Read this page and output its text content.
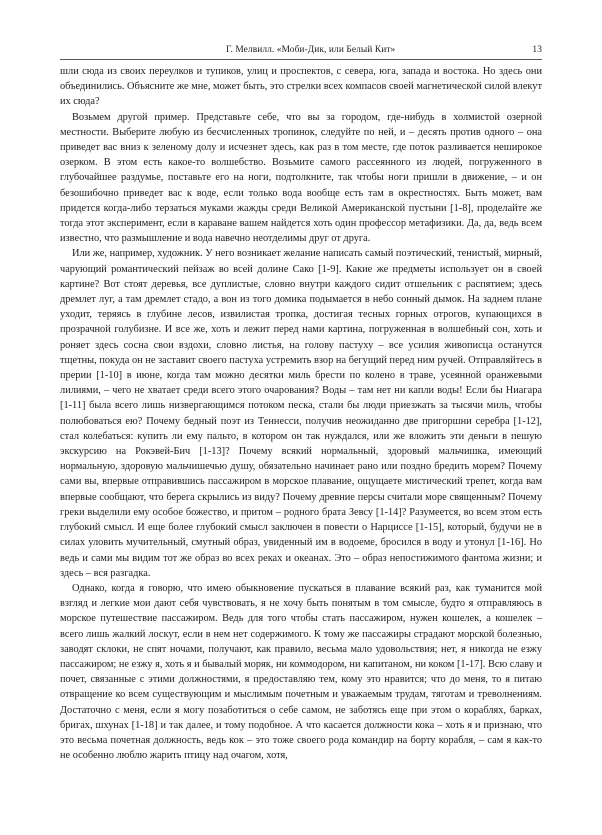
Г. Мелвилл. «Моби-Дик, или Белый Кит»	13

шли сюда из своих переулков и тупиков, улиц и проспектов, с севера, юга, запада и востока. Но здесь они объединились. Объясните же мне, может быть, это стрелки всех компасов своей магнетической силой влекут их сюда?

Возьмем другой пример. Представьте себе, что вы за городом, где-нибудь в холмистой озерной местности. Выберите любую из бесчисленных тропинок, следуйте по ней, и – десять против одного – она приведет вас вниз к зеленому долу и исчезнет здесь, как раз в том месте, где поток разливается неширокое озерком. В этом есть какое-то волшебство. Возьмите самого рассеянного из людей, погруженного в глубочайшее раздумье, поставьте его на ноги, подтолкните, так чтобы ноги пришли в движение, – и он безошибочно приведет вас к воде, если только вода вообще есть там в окрестностях. Быть может, вам придется когда-либо терзаться муками жажды среди Великой Американской пустыни [1-8], проделайте же тогда этот эксперимент, если в караване вашем найдется хоть один профессор метафизики. Да, да, ведь всем известно, что размышление и вода навечно неотделимы друг от друга.

Или же, например, художник. У него возникает желание написать самый поэтический, тенистый, мирный, чарующий романтический пейзаж во всей долине Сако [1-9]. Какие же предметы использует он в своей картине? Вот стоят деревья, все дуплистые, словно внутри каждого сидит отшельник с распятием; здесь дремлет луг, а там дремлет стадо, а вон из того домика подымается в небо сонный дымок. На заднем плане уходит, теряясь в глубине лесов, извилистая тропка, достигая тесных горных отрогов, купающихся в прозрачной голубизне. И все же, хоть и лежит перед нами картина, погруженная в волшебный сон, хоть и роняет здесь сосна свои вздохи, словно листья, на голову пастуху – все усилия живописца останутся тщетны, покуда он не заставит своего пастуха устремить взор на бегущий перед ним ручей. Отправляйтесь в прерии [1-10] в июне, когда там можно десятки миль брести по колено в траве, усеянной оранжевыми лилиями, – чего не хватает среди всего этого очарования? Воды – там нет ни капли воды! Если бы Ниагара [1-11] была всего лишь низвергающимся потоком песка, стали бы люди приезжать за тысячи миль, чтобы полюбоваться ею? Почему бедный поэт из Теннесси, получив неожиданно две пригоршни серебра [1-12], стал колебаться: купить ли ему пальто, в котором он так нуждался, или же вложить эти деньги в пешую экскурсию на Рокэвей-Бич [1-13]? Почему всякий нормальный, здоровый мальчишка, имеющий нормальную, здоровую мальчишечью душу, обязательно начинает рано или поздно бредить морем? Почему сами вы, впервые отправившись пассажиром в морское плавание, ощущаете мистический трепет, когда вам впервые сообщают, что берега скрылись из виду? Почему древние персы считали море священным? Почему греки выделили ему особое божество, и притом – родного брата Зевсу [1-14]? Разумеется, во всем этом есть глубокий смысл. И еще более глубокий смысл заключен в повести о Нарциссе [1-15], который, будучи не в силах уловить мучительный, смутный образ, увиденный им в водоеме, бросился в воду и утонул [1-16]. Но ведь и сами мы видим тот же образ во всех реках и океанах. Это – образ непостижимого фантома жизни; и здесь – вся разгадка.

Однако, когда я говорю, что имею обыкновение пускаться в плавание всякий раз, как туманится мой взгляд и легкие мои дают себя чувствовать, я не хочу быть понятым в том смысле, будто я отправляюсь в морское путешествие пассажиром. Ведь для того чтобы стать пассажиром, нужен кошелек, а кошелек – всего лишь жалкий лоскут, если в нем нет содержимого. К тому же пассажиры страдают морской болезнью, заводят склоки, не спят ночами, получают, как правило, весьма мало удовольствия; нет, я никогда не езжу пассажиром; не езжу я, хоть я и бывалый моряк, ни коммодором, ни капитаном, ни коком [1-17]. Всю славу и почет, связанные с этими должностями, я предоставляю тем, кому это нравится; что до меня, то я питаю отвращение ко всем существующим и мыслимым почетным и уважаемым трудам, тяготам и треволнениям. Достаточно с меня, если я могу позаботиться о себе самом, не заботясь еще при этом о кораблях, барках, бригах, шхунах [1-18] и так далее, и тому подобное. А что касается должности кока – хоть я и признаю, что это весьма почетная должность, ведь кок – это тоже своего рода командир на борту корабля, – сам я как-то не особенно люблю жарить птицу над очагом, хотя,
